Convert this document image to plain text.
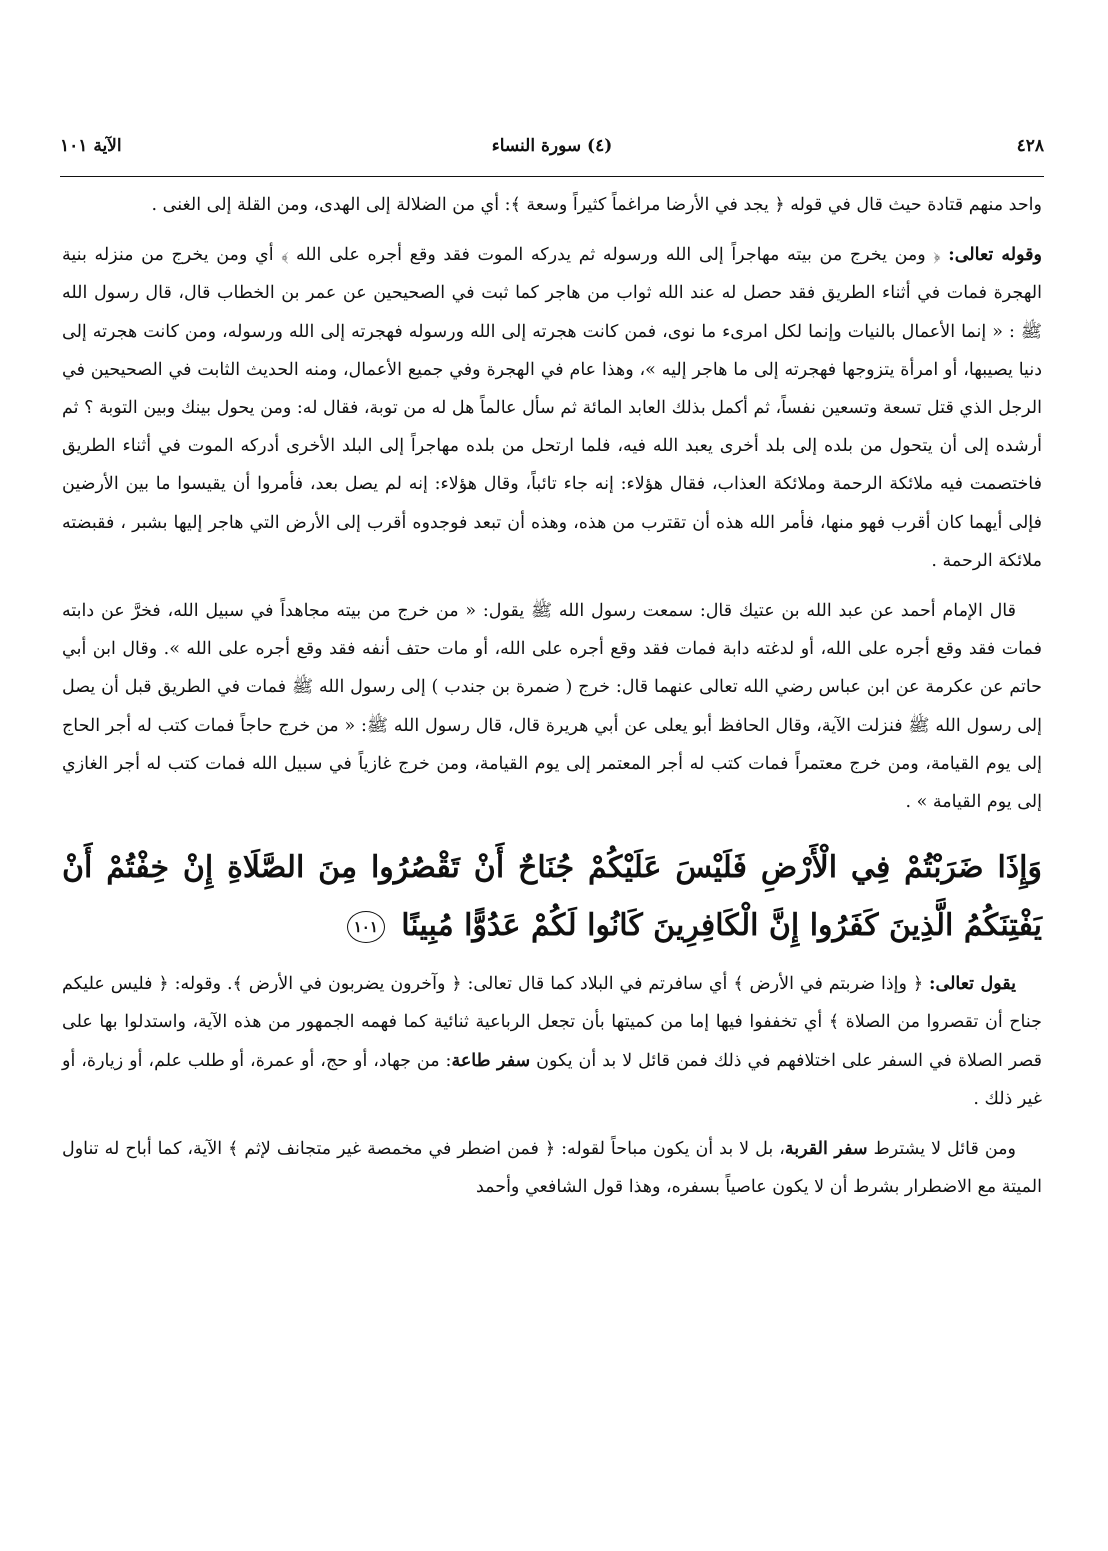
٤٢٨
(٤) سورة النساء
الآية ١٠١

واحد منهم قتادة حيث قال في قوله ﴿ يجد في الأرضا مراغماً كثيراً وسعة ﴾: أي من الضلالة إلى الهدى، ومن القلة إلى الغنى .

وقوله تعالى: ﴿ ومن يخرج من بيته مهاجراً إلى الله ورسوله ثم يدركه الموت فقد وقع أجره على الله ﴾ أي ومن يخرج من منزله بنية الهجرة فمات في أثناء الطريق فقد حصل له عند الله ثواب من هاجر كما ثبت في الصحيحين عن عمر بن الخطاب قال، قال رسول الله ﷺ : « إنما الأعمال بالنيات وإنما لكل امرىء ما نوى، فمن كانت هجرته إلى الله ورسوله فهجرته إلى الله ورسوله، ومن كانت هجرته إلى دنيا يصيبها، أو امرأة يتزوجها فهجرته إلى ما هاجر إليه »، وهذا عام في الهجرة وفي جميع الأعمال، ومنه الحديث الثابت في الصحيحين في الرجل الذي قتل تسعة وتسعين نفساً، ثم أكمل بذلك العابد المائة ثم سأل عالماً هل له من توبة، فقال له: ومن يحول بينك وبين التوبة ؟ ثم أرشده إلى أن يتحول من بلده إلى بلد أخرى يعبد الله فيه، فلما ارتحل من بلده مهاجراً إلى البلد الأخرى أدركه الموت في أثناء الطريق فاختصمت فيه ملائكة الرحمة وملائكة العذاب، فقال هؤلاء: إنه جاء تائباً، وقال هؤلاء: إنه لم يصل بعد، فأمروا أن يقيسوا ما بين الأرضين فإلى أيهما كان أقرب فهو منها، فأمر الله هذه أن تقترب من هذه، وهذه أن تبعد فوجدوه أقرب إلى الأرض التي هاجر إليها بشبر ، فقبضته ملائكة الرحمة .

قال الإمام أحمد عن عبد الله بن عتيك قال: سمعت رسول الله ﷺ يقول: « من خرج من بيته مجاهداً في سبيل الله، فخرَّ عن دابته فمات فقد وقع أجره على الله، أو لدغته دابة فمات فقد وقع أجره على الله، أو مات حتف أنفه فقد وقع أجره على الله ». وقال ابن أبي حاتم عن عكرمة عن ابن عباس رضي الله تعالى عنهما قال: خرج ( ضمرة بن جندب ) إلى رسول الله ﷺ فمات في الطريق قبل أن يصل إلى رسول الله ﷺ فنزلت الآية، وقال الحافظ أبو يعلى عن أبي هريرة قال، قال رسول الله ﷺ: « من خرج حاجاً فمات كتب له أجر الحاج إلى يوم القيامة، ومن خرج معتمراً فمات كتب له أجر المعتمر إلى يوم القيامة، ومن خرج غازياً في سبيل الله فمات كتب له أجر الغازي إلى يوم القيامة » .

وَإِذَا ضَرَبْتُمْ فِي الْأَرْضِ فَلَيْسَ عَلَيْكُمْ جُنَاحٌ أَنْ تَقْصُرُوا مِنَ الصَّلَاةِ إِنْ خِفْتُمْ أَنْ يَفْتِنَكُمُ الَّذِينَ كَفَرُوا إِنَّ الْكَافِرِينَ كَانُوا لَكُمْ عَدُوًّا مُبِينًا ١٠١

يقول تعالى: ﴿ وإذا ضربتم في الأرض ﴾ أي سافرتم في البلاد كما قال تعالى: ﴿ وآخرون يضربون في الأرض ﴾. وقوله: ﴿ فليس عليكم جناح أن تقصروا من الصلاة ﴾ أي تخففوا فيها إما من كميتها بأن تجعل الرباعية ثنائية كما فهمه الجمهور من هذه الآية، واستدلوا بها على قصر الصلاة في السفر على اختلافهم في ذلك فمن قائل لا بد أن يكون سفر طاعة: من جهاد، أو حج، أو عمرة، أو طلب علم، أو زيارة، أو غير ذلك .

ومن قائل لا يشترط سفر القربة، بل لا بد أن يكون مباحاً لقوله: ﴿ فمن اضطر في مخمصة غير متجانف لإثم ﴾ الآية، كما أباح له تناول الميتة مع الاضطرار بشرط أن لا يكون عاصياً بسفره، وهذا قول الشافعي وأحمد
